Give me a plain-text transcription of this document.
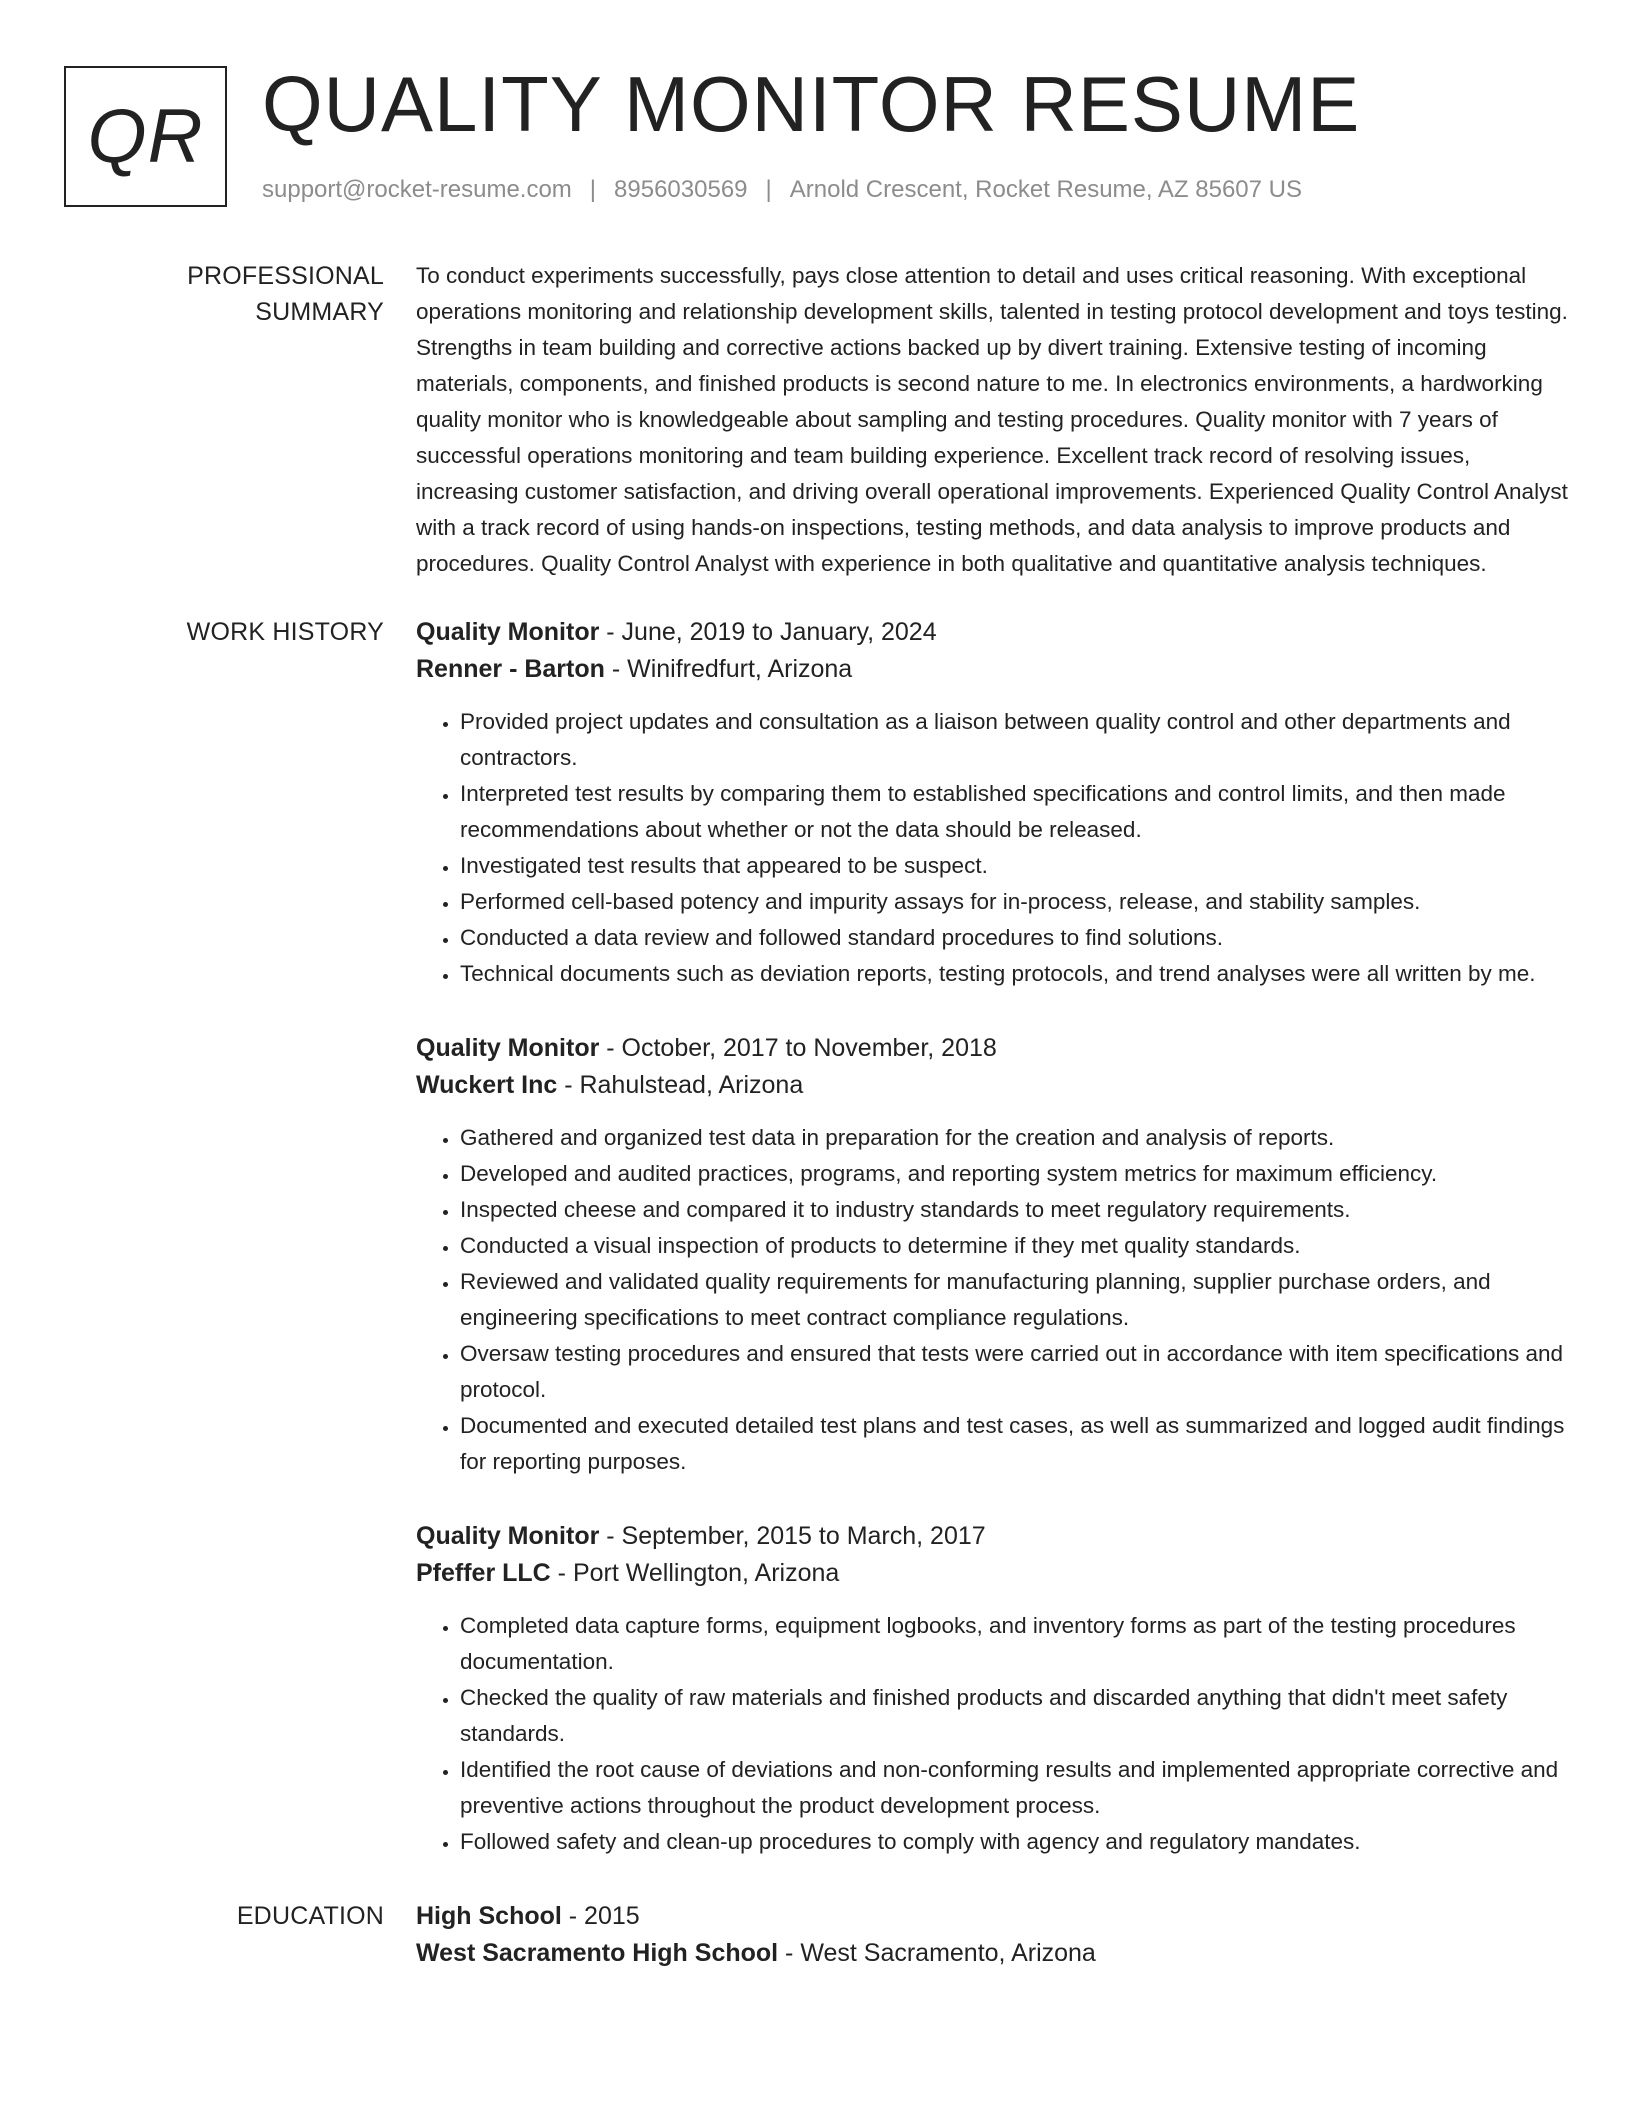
QR QUALITY MONITOR RESUME
support@rocket-resume.com | 8956030569 | Arnold Crescent, Rocket Resume, AZ 85607 US
PROFESSIONAL SUMMARY

To conduct experiments successfully, pays close attention to detail and uses critical reasoning. With exceptional operations monitoring and relationship development skills, talented in testing protocol development and toys testing. Strengths in team building and corrective actions backed up by divert training. Extensive testing of incoming materials, components, and finished products is second nature to me. In electronics environments, a hardworking quality monitor who is knowledgeable about sampling and testing procedures. Quality monitor with 7 years of successful operations monitoring and team building experience. Excellent track record of resolving issues, increasing customer satisfaction, and driving overall operational improvements. Experienced Quality Control Analyst with a track record of using hands-on inspections, testing methods, and data analysis to improve products and procedures. Quality Control Analyst with experience in both qualitative and quantitative analysis techniques.

WORK HISTORY	Quality Monitor - June, 2019 to January, 2024
Renner - Barton - Winifredfurt, Arizona
• Provided project updates and consultation as a liaison between quality control and other departments and contractors.
• Interpreted test results by comparing them to established specifications and control limits, and then made recommendations about whether or not the data should be released.
• Investigated test results that appeared to be suspect.
• Performed cell-based potency and impurity assays for in-process, release, and stability samples.
• Conducted a data review and followed standard procedures to find solutions.
• Technical documents such as deviation reports, testing protocols, and trend analyses were all written by me.
Quality Monitor - October, 2017 to November, 2018
Wuckert Inc - Rahulstead, Arizona
• Gathered and organized test data in preparation for the creation and analysis of reports.
• Developed and audited practices, programs, and reporting system metrics for maximum efficiency.
• Inspected cheese and compared it to industry standards to meet regulatory requirements.
• Conducted a visual inspection of products to determine if they met quality standards.
• Reviewed and validated quality requirements for manufacturing planning, supplier purchase orders, and engineering specifications to meet contract compliance regulations.
• Oversaw testing procedures and ensured that tests were carried out in accordance with item specifications and protocol.
• Documented and executed detailed test plans and test cases, as well as summarized and logged audit findings for reporting purposes.
Quality Monitor - September, 2015 to March, 2017
Pfeffer LLC - Port Wellington, Arizona
• Completed data capture forms, equipment logbooks, and inventory forms as part of the testing procedures documentation.
• Checked the quality of raw materials and finished products and discarded anything that didn't meet safety standards.
• Identified the root cause of deviations and non-conforming results and implemented appropriate corrective and preventive actions throughout the product development process.
• Followed safety and clean-up procedures to comply with agency and regulatory mandates.
EDUCATION	High School - 2015
West Sacramento High School - West Sacramento, Arizona
